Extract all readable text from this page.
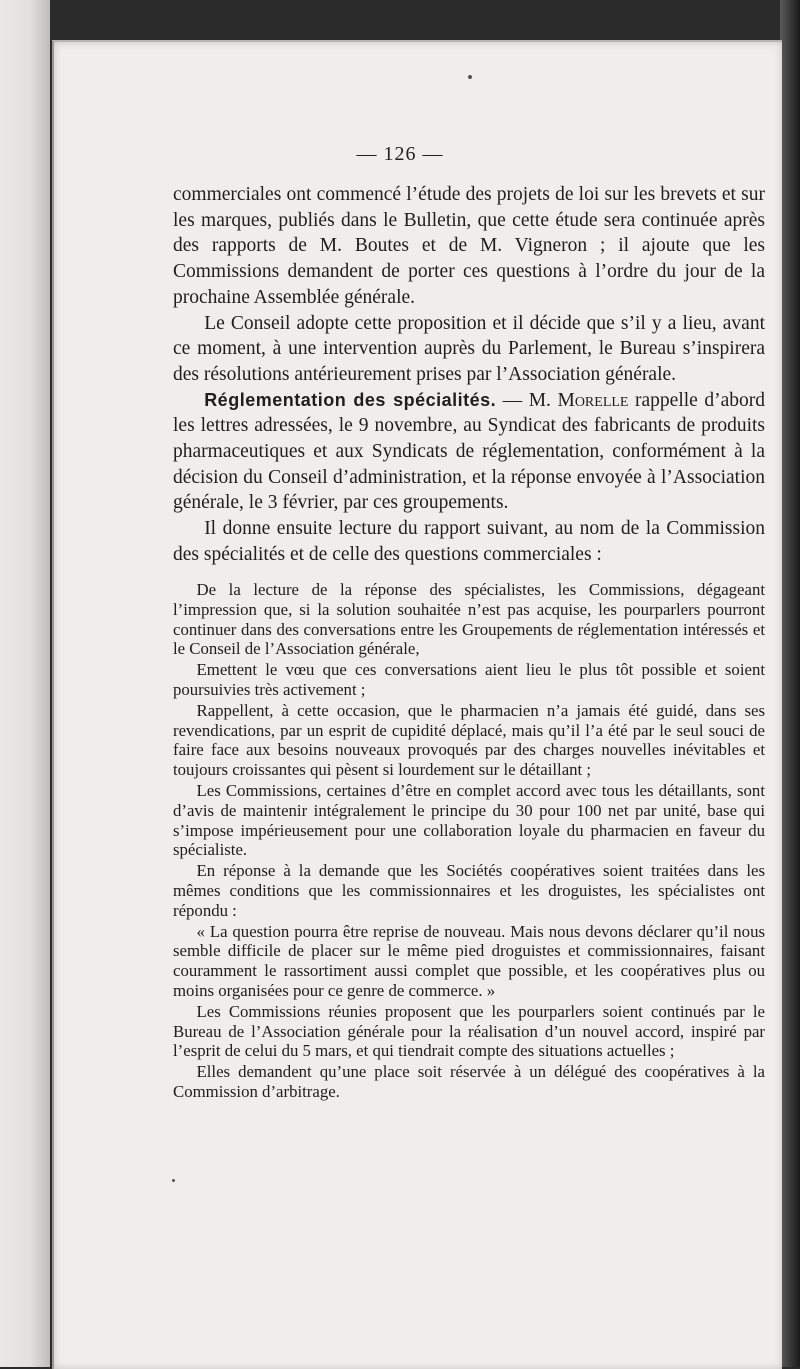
— 126 —

commerciales ont commencé l’étude des projets de loi sur les brevets et sur les marques, publiés dans le Bulletin, que cette étude sera continuée après des rapports de M. Boutes et de M. Vigneron ; il ajoute que les Commissions demandent de porter ces questions à l’ordre du jour de la prochaine Assemblée générale.

Le Conseil adopte cette proposition et il décide que s’il y a lieu, avant ce moment, à une intervention auprès du Parlement, le Bureau s’inspirera des résolutions antérieurement prises par l’Association générale.

Réglementation des spécialités. — M. Morelle rappelle d’abord les lettres adressées, le 9 novembre, au Syndicat des fabricants de produits pharmaceutiques et aux Syndicats de réglementation, conformément à la décision du Conseil d’administration, et la réponse envoyée à l’Association générale, le 3 février, par ces groupements.

Il donne ensuite lecture du rapport suivant, au nom de la Commission des spécialités et de celle des questions commerciales :

De la lecture de la réponse des spécialistes, les Commissions, dégageant l’impression que, si la solution souhaitée n’est pas acquise, les pourparlers pourront continuer dans des conversations entre les Groupements de réglementation intéressés et le Conseil de l’Association générale,

Emettent le vœu que ces conversations aient lieu le plus tôt possible et soient poursuivies très activement ;

Rappellent, à cette occasion, que le pharmacien n’a jamais été guidé, dans ses revendications, par un esprit de cupidité déplacé, mais qu’il l’a été par le seul souci de faire face aux besoins nouveaux provoqués par des charges nouvelles inévitables et toujours croissantes qui pèsent si lourdement sur le détaillant ;

Les Commissions, certaines d’être en complet accord avec tous les détaillants, sont d’avis de maintenir intégralement le principe du 30 pour 100 net par unité, base qui s’impose impérieusement pour une collaboration loyale du pharmacien en faveur du spécialiste.

En réponse à la demande que les Sociétés coopératives soient traitées dans les mêmes conditions que les commissionnaires et les droguistes, les spécialistes ont répondu :

« La question pourra être reprise de nouveau. Mais nous devons déclarer qu’il nous semble difficile de placer sur le même pied droguistes et commissionnaires, faisant couramment le rassortiment aussi complet que possible, et les coopératives plus ou moins organisées pour ce genre de commerce. »

Les Commissions réunies proposent que les pourparlers soient continués par le Bureau de l’Association générale pour la réalisation d’un nouvel accord, inspiré par l’esprit de celui du 5 mars, et qui tiendrait compte des situations actuelles ;

Elles demandent qu’une place soit réservée à un délégué des coopératives à la Commission d’arbitrage.
